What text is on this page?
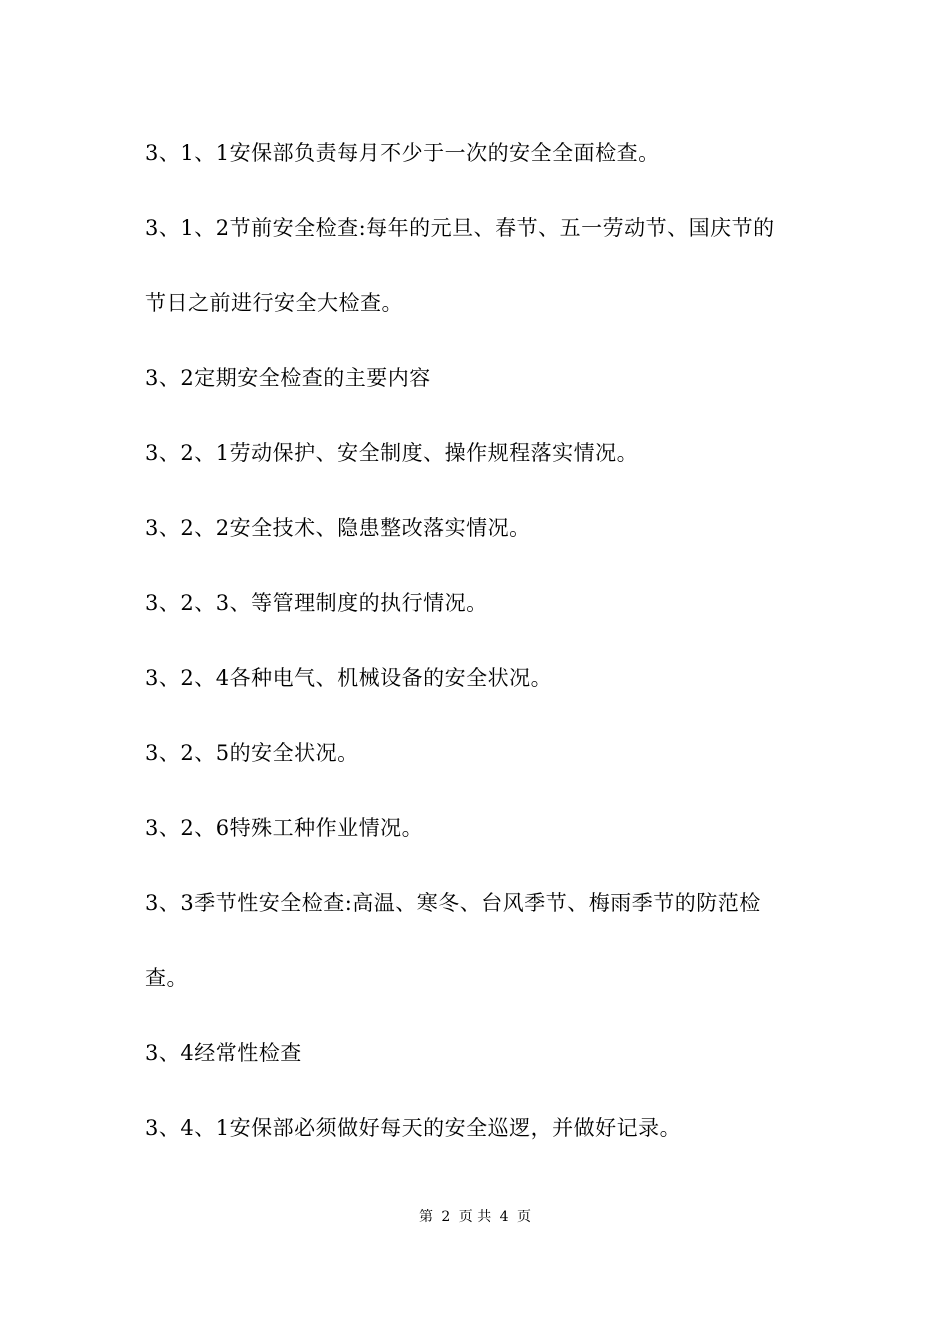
3、1、1安保部负责每月不少于一次的安全全面检查。

3、1、2节前安全检查:每年的元旦、春节、五一劳动节、国庆节的

节日之前进行安全大检查。

3、2定期安全检查的主要内容

3、2、1劳动保护、安全制度、操作规程落实情况。

3、2、2安全技术、隐患整改落实情况。

3、2、3、等管理制度的执行情况。

3、2、4各种电气、机械设备的安全状况。

3、2、5的安全状况。

3、2、6特殊工种作业情况。

3、3季节性安全检查:高温、寒冬、台风季节、梅雨季节的防范检

查。

3、4经常性检查

3、4、1安保部必须做好每天的安全巡逻，并做好记录。

第 2 页 共 4 页
